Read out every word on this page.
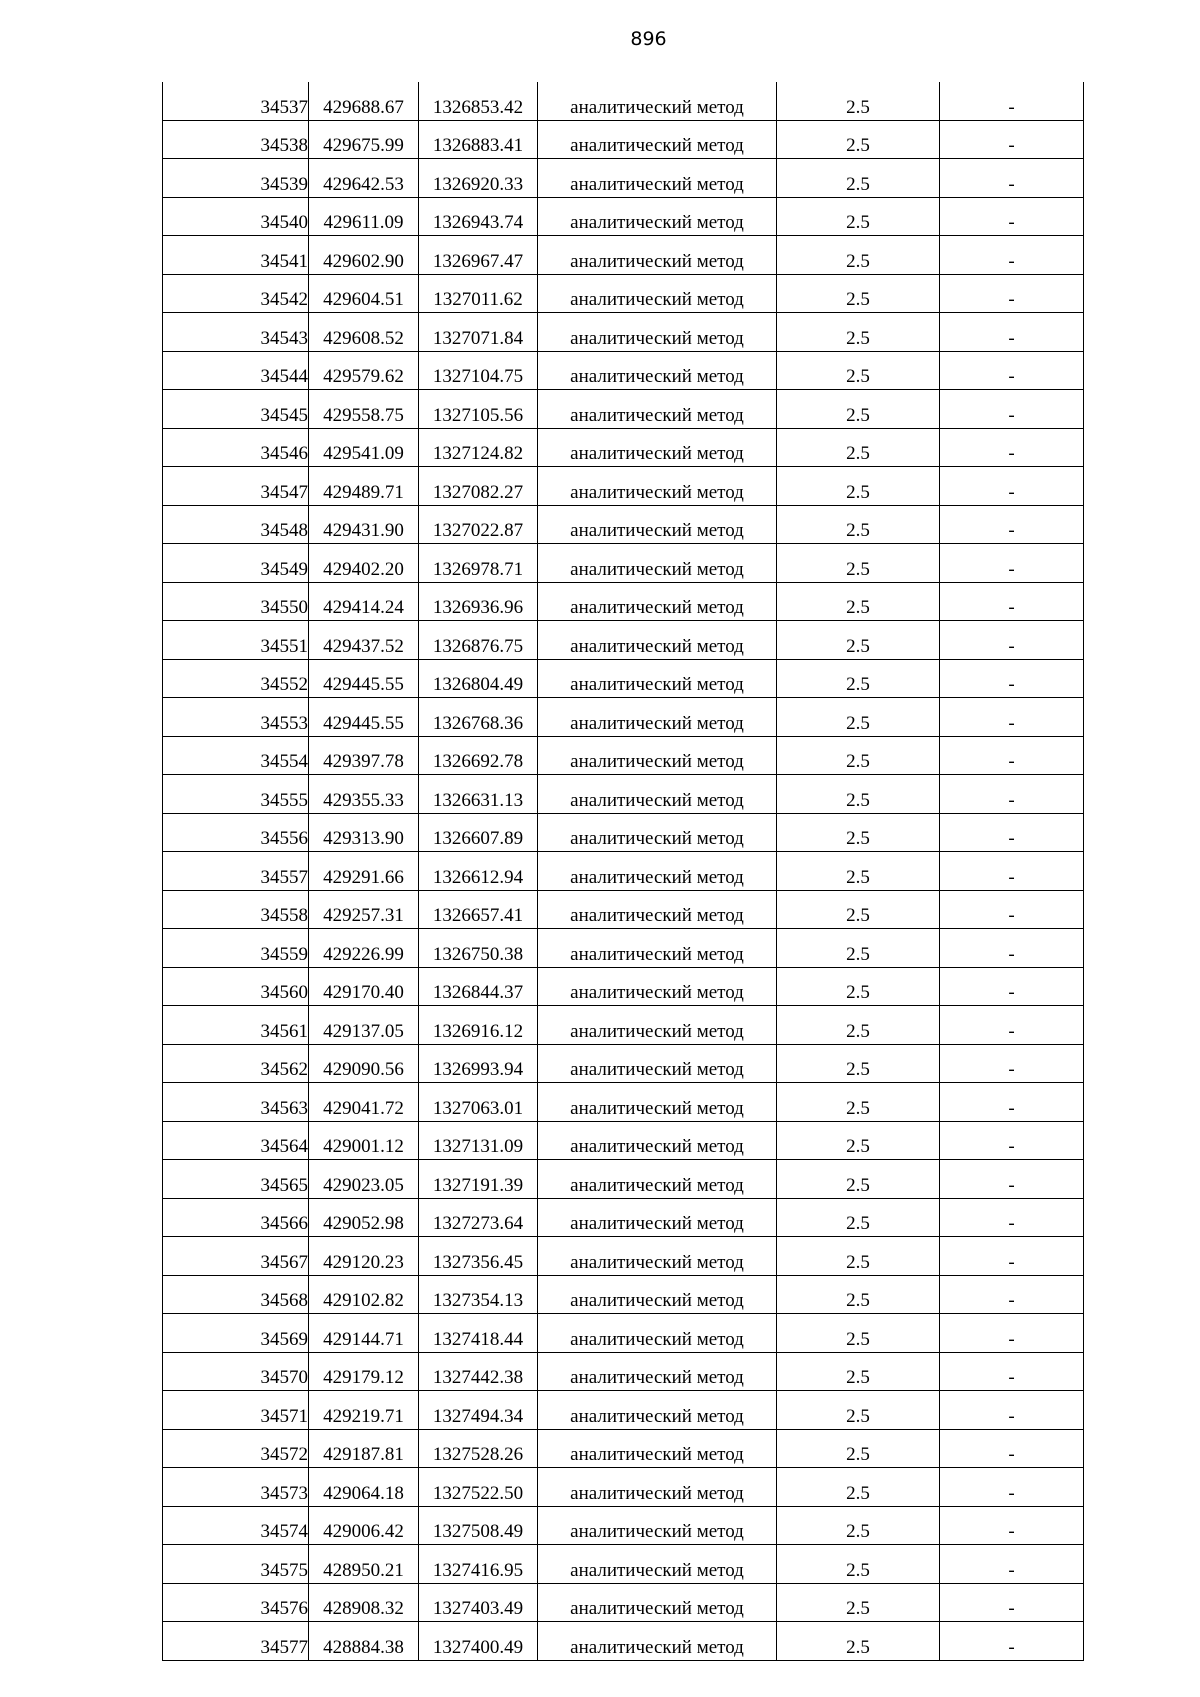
896
34537	429688.67	1326853.42	аналитический метод	2.5	-
34538	429675.99	1326883.41	аналитический метод	2.5	-
34539	429642.53	1326920.33	аналитический метод	2.5	-
34540	429611.09	1326943.74	аналитический метод	2.5	-
34541	429602.90	1326967.47	аналитический метод	2.5	-
34542	429604.51	1327011.62	аналитический метод	2.5	-
34543	429608.52	1327071.84	аналитический метод	2.5	-
34544	429579.62	1327104.75	аналитический метод	2.5	-
34545	429558.75	1327105.56	аналитический метод	2.5	-
34546	429541.09	1327124.82	аналитический метод	2.5	-
34547	429489.71	1327082.27	аналитический метод	2.5	-
34548	429431.90	1327022.87	аналитический метод	2.5	-
34549	429402.20	1326978.71	аналитический метод	2.5	-
34550	429414.24	1326936.96	аналитический метод	2.5	-
34551	429437.52	1326876.75	аналитический метод	2.5	-
34552	429445.55	1326804.49	аналитический метод	2.5	-
34553	429445.55	1326768.36	аналитический метод	2.5	-
34554	429397.78	1326692.78	аналитический метод	2.5	-
34555	429355.33	1326631.13	аналитический метод	2.5	-
34556	429313.90	1326607.89	аналитический метод	2.5	-
34557	429291.66	1326612.94	аналитический метод	2.5	-
34558	429257.31	1326657.41	аналитический метод	2.5	-
34559	429226.99	1326750.38	аналитический метод	2.5	-
34560	429170.40	1326844.37	аналитический метод	2.5	-
34561	429137.05	1326916.12	аналитический метод	2.5	-
34562	429090.56	1326993.94	аналитический метод	2.5	-
34563	429041.72	1327063.01	аналитический метод	2.5	-
34564	429001.12	1327131.09	аналитический метод	2.5	-
34565	429023.05	1327191.39	аналитический метод	2.5	-
34566	429052.98	1327273.64	аналитический метод	2.5	-
34567	429120.23	1327356.45	аналитический метод	2.5	-
34568	429102.82	1327354.13	аналитический метод	2.5	-
34569	429144.71	1327418.44	аналитический метод	2.5	-
34570	429179.12	1327442.38	аналитический метод	2.5	-
34571	429219.71	1327494.34	аналитический метод	2.5	-
34572	429187.81	1327528.26	аналитический метод	2.5	-
34573	429064.18	1327522.50	аналитический метод	2.5	-
34574	429006.42	1327508.49	аналитический метод	2.5	-
34575	428950.21	1327416.95	аналитический метод	2.5	-
34576	428908.32	1327403.49	аналитический метод	2.5	-
34577	428884.38	1327400.49	аналитический метод	2.5	-
